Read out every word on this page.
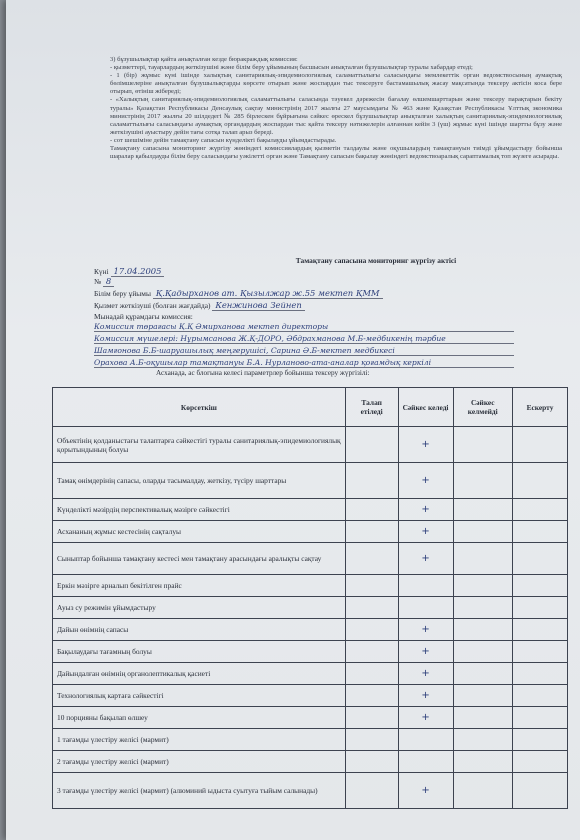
3) бұзушылықтар қайта анықталған кезде бюракраждық комиссия:

- қызметтері, тауарлардың жеткізушіні және білім беру ұйымының басшысын анықталған бұзушылықтар туралы хабардар етеді;

- 1 (бір) жұмыс күні ішінде халықтың санитариялық-эпидемиологиялық саламаттылығы саласындағы мемлекеттік орган ведомствосының аумақтық бөлімшелеріне анықталған бұзушылықтарды көрсете отырып және жоспардан тыс тексеруге бастамашылық жасау мақсатында тексеру актісін коса бере отырып, өтініш жібереді;

- «Халықтың санитариялық-эпидемиологиялық саламаттылығы саласында тәуекел дәрежесін бағалау өлшемшарттарын және тексеру парақтарын бекіту туралы» Қазақстан Республикасы Денсаулық сақтау министрінің 2017 жылғы 27 маусымдағы № 463 және Қазақстан Республикасы Ұлттық экономика министрінің 2017 жылғы 20 шілдедегі № 285 бірлескен бұйрығына сәйкес өрескел бұзушылықтар анықталған халықтың санитариялық-эпидемиологиялық саламаттылығы саласындағы аумақтық органдардың жоспардан тыс қайта тексеру нәтижелерін алғаннан кейін 3 (үш) жұмыс күні ішінде шартты бұзу және жеткізушіні ауыстыру дейін тағы сотқа талап арыз береді.

- сот шешіміне дейін тамақтану сапасын күнделікті бақылауды ұйымдастырады.

Тамақтану сапасына мониторинг жүргізу жөніндегі комиссиялардың қызметін талдаулы және оқушылардың тамақтануын тиімді ұйымдастыру бойынша шаралар қабылдауды білім беру саласындағы уәкілетті орган және Тамақтану сапасын бақылау жөніндегі ведомствоаралық сараптамалық топ жүзеге асырады.

Тамақтану сапасына мониторинг жүргізу актісі
Күні 17.04.2005
№ 8
Білім беру ұйымы Қ.Қадырханов ат. Қызылжар ж.55 мектеп ҚММ
Қызмет жеткізуші (болған жағдайда) Кенжинова Зейнеп
Мынадай құрамдағы комиссия:
Комиссия төрағасы Қ.Қ Әмирханова мектеп директоры
Комиссия мүшелері: Нұрымсанова Ж.Қ-ДОРО, Әбдрахманова М.Б-медбикенің тәрбие
Шамғонова Б.Б-шаруашылық меңгерушісі, Сарина Ә.Б-мектеп медбикесі
Орахова А.Б-оқушылар тамақтануы Б.А. Нурланово-ата-аналар қоғамдық керкілі
Асханада, ас блогына келесі параметрлер бойынша тексеру жүргізілі:
Көрсеткіш	Талап етіледі	Сәйкес келеді	Сәйкес келмейді	Ескерту
Объектінің қолданыстағы талаптарға сәйкестігі туралы санитариялық-эпидемиологиялық қорытындының болуы		+		
Тамақ өнімдерінің сапасы, оларды тасымалдау, жеткізу, түсіру шарттары		+		
Күнделікті мәзірдің перспективалық мәзірге сәйкестігі		+		
Асхананың жұмыс кестесінің сақталуы		+		
Сыныптар бойынша тамақтану кестесі мен тамақтану арасындағы аралықты сақтау		+		
Еркін мәзірге арналып бекітілген прайс				
Ауыз су режимін ұйымдастыру				
Дайын өнімнің сапасы		+		
Бақылаудағы тағамның болуы		+		
Дайындалған өнімнің органолептикалық қасиеті		+		
Технологиялық картаға сәйкестігі		+		
10 порцияны бақылап өлшеу		+		
1 тағамды үлестіру желісі (мармит)				
2 тағамды үлестіру желісі (мармит)				
3 тағамды үлестіру желісі (мармит) (алюминий ыдыста суытуға тыйым салынады)		+		
